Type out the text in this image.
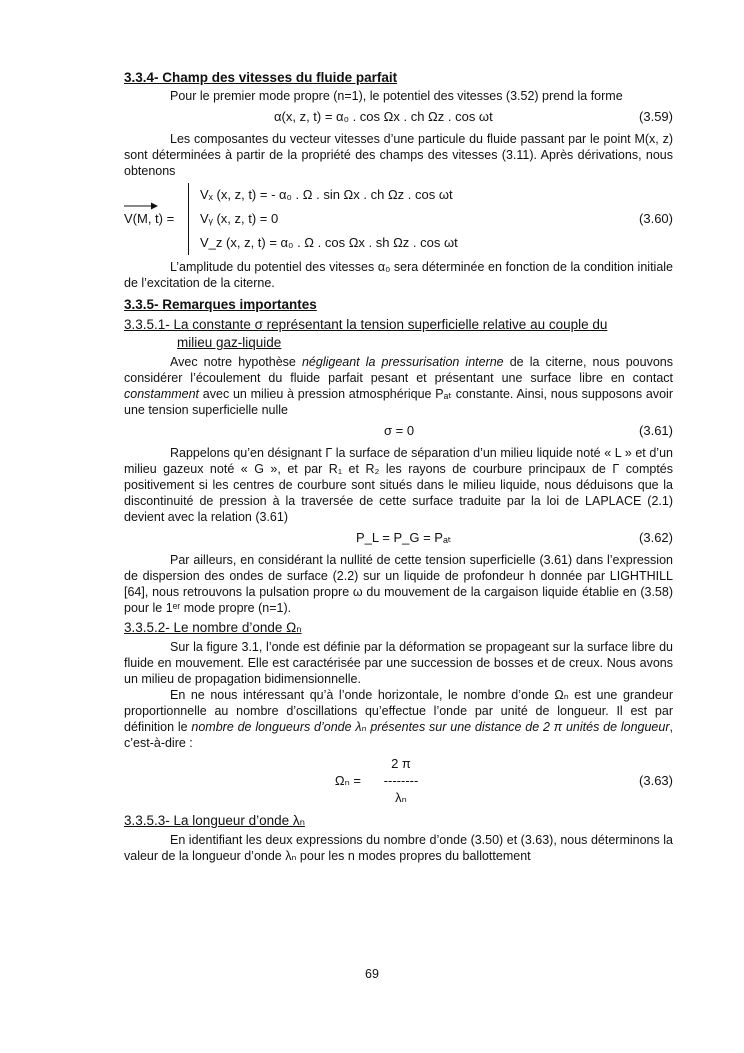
3.3.4- Champ des vitesses du fluide parfait

Pour le premier mode propre (n=1), le potentiel des vitesses (3.52) prend la forme

α(x, z, t) = α₀ . cos Ωx . ch Ωz . cos ωt	(3.59)

Les composantes du vecteur vitesses d’une particule du fluide passant par le point M(x, z) sont déterminées à partir de la propriété des champs des vitesses (3.11). Après dérivations, nous obtenons

V(M, t) =
Vₓ (x, z, t) = - α₀ . Ω . sin Ωx . ch Ωz . cos ωt
Vᵧ (x, z, t) = 0
V_z (x, z, t) = α₀ . Ω . cos Ωx . sh Ωz . cos ωt
(3.60)

L’amplitude du potentiel des vitesses α₀ sera déterminée en fonction de la condition initiale de l’excitation de la citerne.

3.3.5- Remarques importantes
3.3.5.1- La constante σ représentant la tension superficielle relative au couple du
milieu gaz-liquide

Avec notre hypothèse négligeant la pressurisation interne de la citerne, nous pouvons considérer l’écoulement du fluide parfait pesant et présentant une surface libre en contact constamment avec un milieu à pression atmosphérique Pₐₜ constante. Ainsi, nous supposons avoir une tension superficielle nulle

σ = 0	(3.61)

Rappelons qu’en désignant Γ la surface de séparation d’un milieu liquide noté « L » et d’un milieu gazeux noté « G », et par R₁ et R₂ les rayons de courbure principaux de Γ comptés positivement si les centres de courbure sont situés dans le milieu liquide, nous déduisons que la discontinuité de pression à la traversée de cette surface traduite par la loi de LAPLACE (2.1) devient avec la relation (3.61)

P_L = P_G = Pₐₜ	(3.62)

Par ailleurs, en considérant la nullité de cette tension superficielle (3.61) dans l’expression de dispersion des ondes de surface (2.2) sur un liquide de profondeur h donnée par LIGHTHILL [64], nous retrouvons la pulsation propre ω du mouvement de la cargaison liquide établie en (3.58) pour le 1ᵉʳ mode propre (n=1).

3.3.5.2- Le nombre d’onde Ωₙ

Sur la figure 3.1, l’onde est définie par la déformation se propageant sur la surface libre du fluide en mouvement. Elle est caractérisée par une succession de bosses et de creux. Nous avons un milieu de propagation bidimensionnelle.

En ne nous intéressant qu’à l’onde horizontale, le nombre d’onde Ωₙ est une grandeur proportionnelle au nombre d’oscillations qu’effectue l’onde par unité de longueur. Il est par définition le nombre de longueurs d’onde λₙ présentes sur une distance de 2 π unités de longueur, c’est-à-dire :

Ωₙ =
2 π
--------
λₙ
(3.63)
3.3.5.3- La longueur d’onde λₙ

En identifiant les deux expressions du nombre d’onde (3.50) et (3.63), nous déterminons la valeur de la longueur d’onde λₙ pour les n modes propres du ballottement

69
